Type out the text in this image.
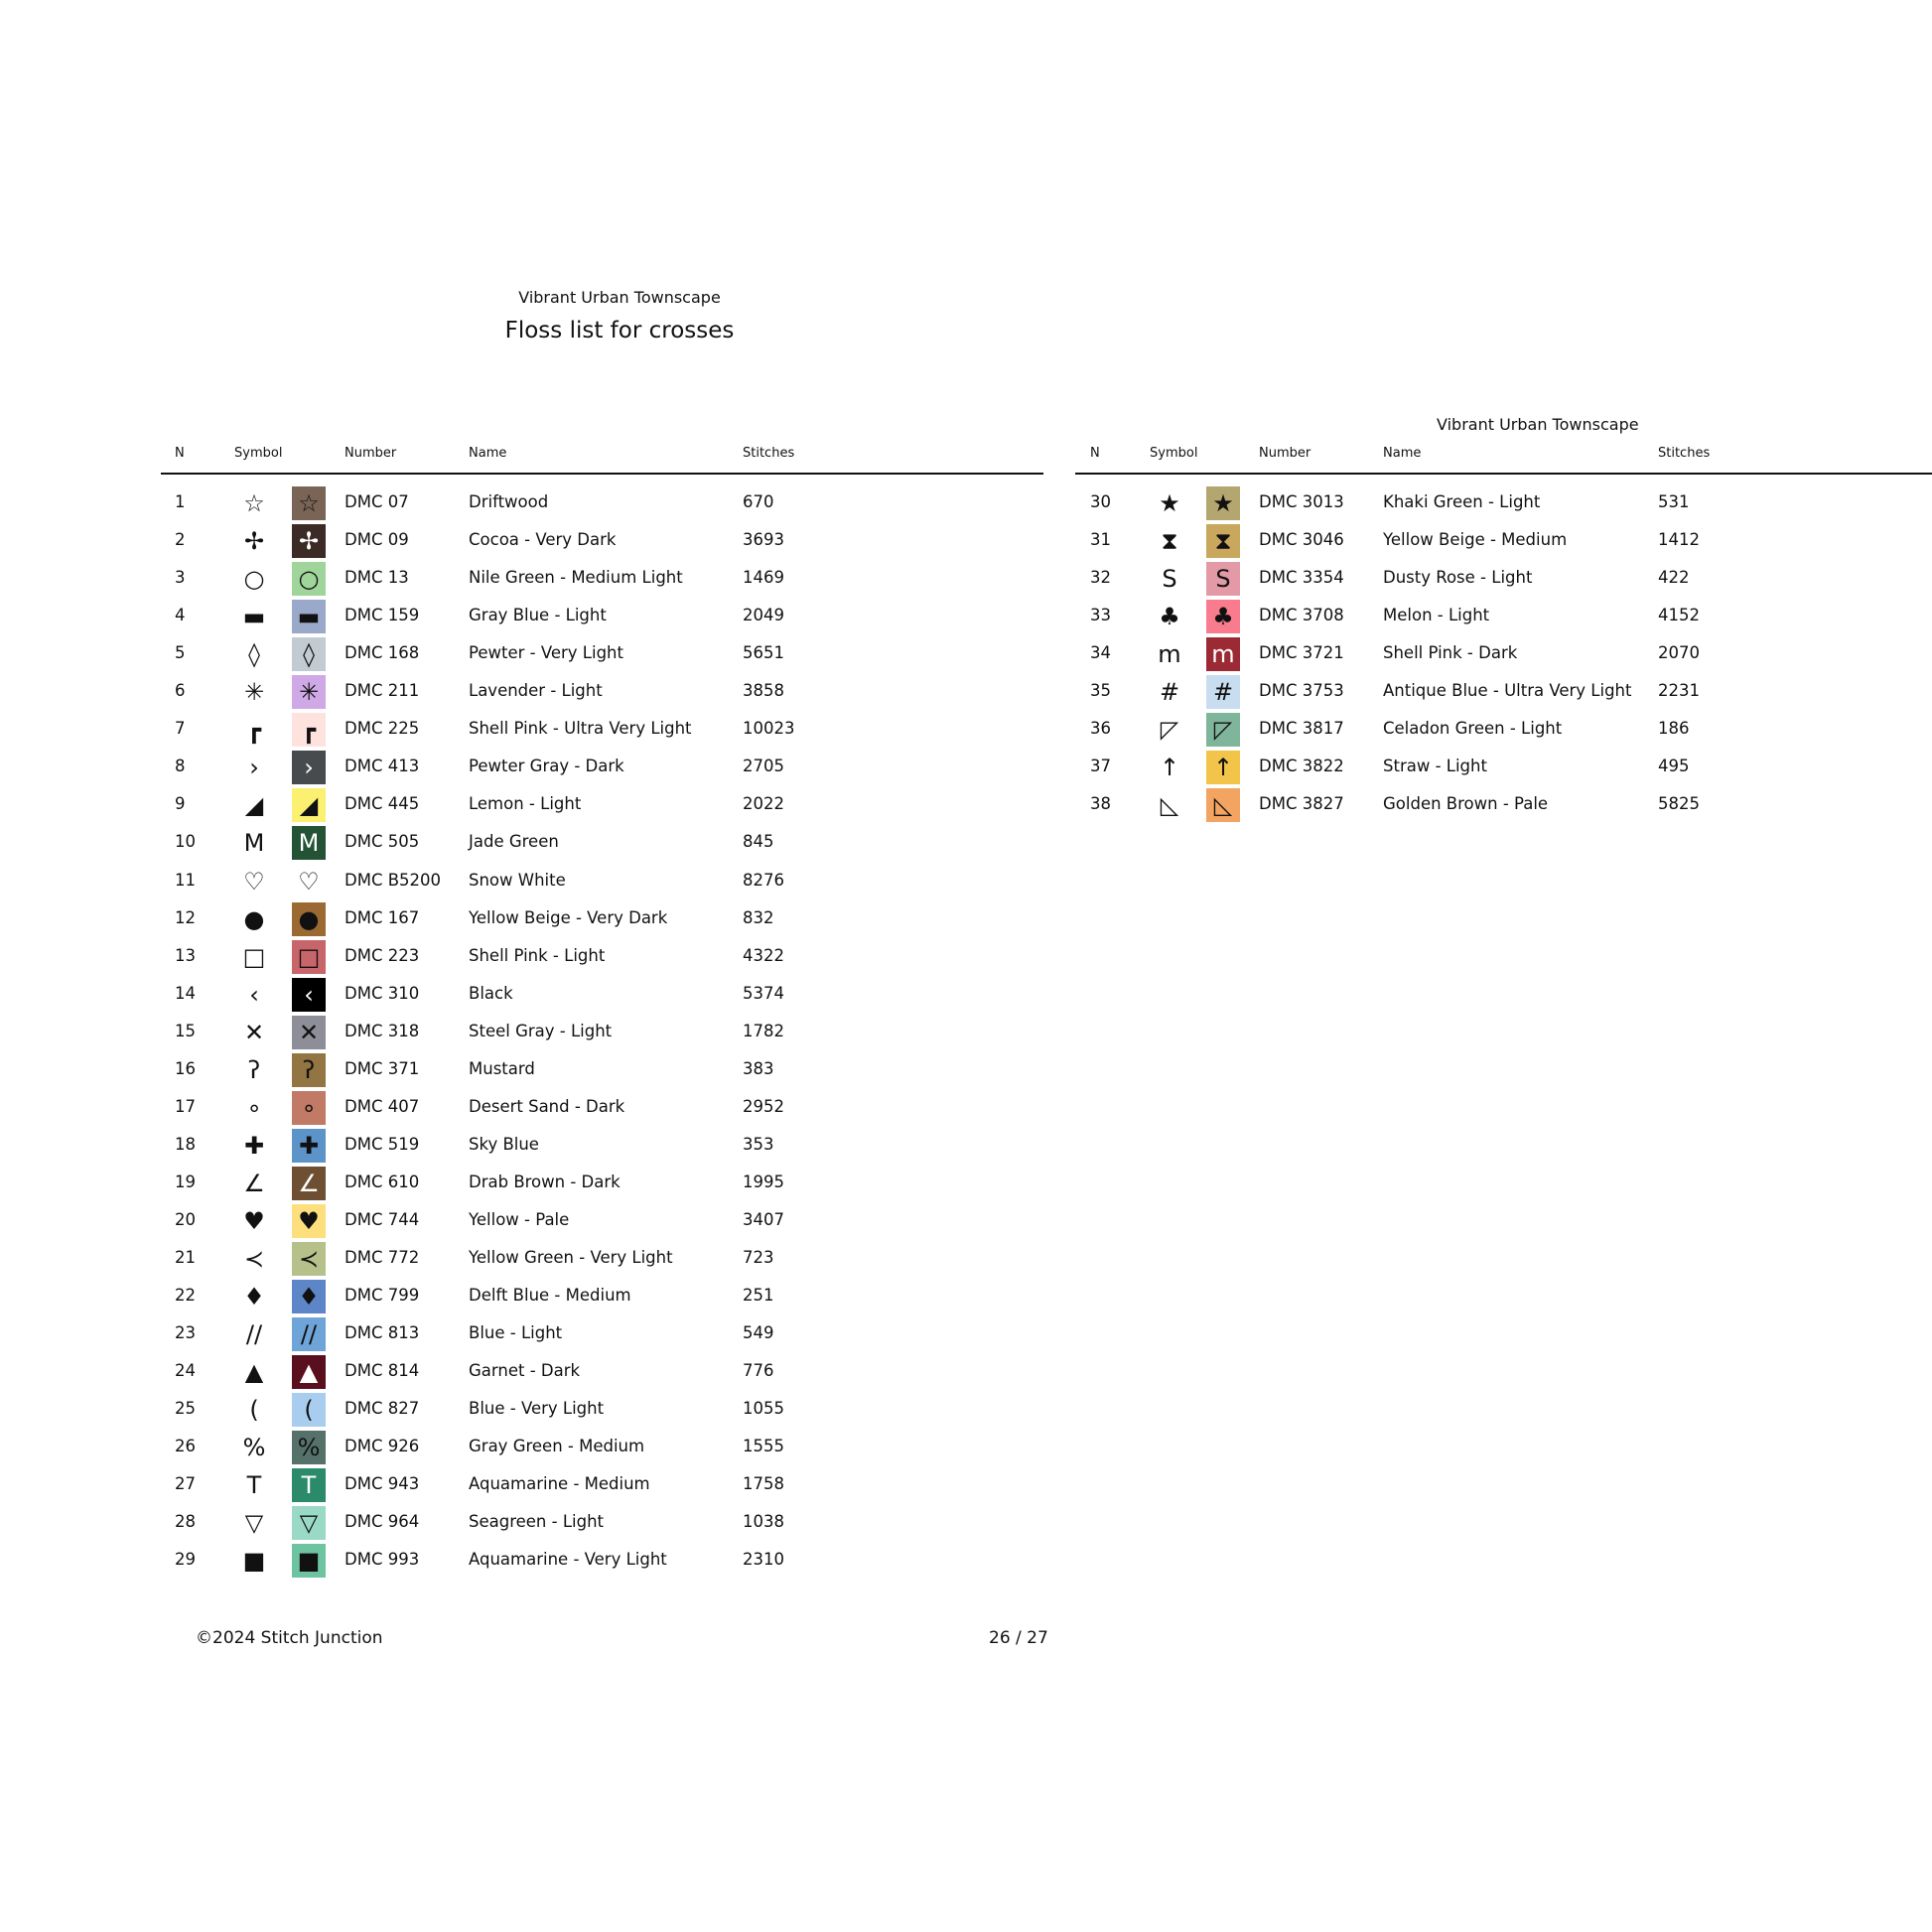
Vibrant Urban Townscape
Floss list for crosses
Vibrant Urban Townscape
N	Symbol	Number	Name	Stitches
1 ☆ ☆	DMC 07	Driftwood	670
2 ✢ ✢	DMC 09	Cocoa - Very Dark	3693
3 ○ ○	DMC 13	Nile Green - Medium Light	1469
4 ▬ ▬	DMC 159	Gray Blue - Light	2049
5	◊	◊	DMC 168	Pewter - Very Light	5651
6 ✳ ✳	DMC 211	Lavender - Light	3858
7	┏	┏	DMC 225	Shell Pink - Ultra Very Light	10023
8	›	›	DMC 413	Pewter Gray - Dark	2705
9	◢	◢	DMC 445	Lemon - Light	2022
10 M M	DMC 505	Jade Green	845
11 ♡ ♡	DMC B5200 Snow White	8276
12 ● ●	DMC 167	Yellow Beige - Very Dark	832
13 □ □	DMC 223	Shell Pink - Light	4322
14	‹	‹	DMC 310	Black	5374
15 ✕ ✕	DMC 318	Steel Gray - Light	1782
16	ʔ	ʔ	DMC 371	Mustard	383
17	∘	∘	DMC 407	Desert Sand - Dark	2952
18 ✚ ✚	DMC 519	Sky Blue	353
19 ∠ ∠	DMC 610	Drab Brown - Dark	1995
20 ♥ ♥	DMC 744	Yellow - Pale	3407
21 ≺ ≺	DMC 772	Yellow Green - Very Light	723
22 ♦ ♦	DMC 799	Delft Blue - Medium	251
23 //	//	DMC 813	Blue - Light	549
24 ▲	▲	DMC 814	Garnet - Dark	776
25	(	(	DMC 827	Blue - Very Light	1055
26 % %	DMC 926	Gray Green - Medium	1555
27	T	T	DMC 943	Aquamarine - Medium	1758
28 ▽	▽	DMC 964	Seagreen - Light	1038
29 ■ ■	DMC 993	Aquamarine - Very Light	2310
N	Symbol	Number	Name	Stitches
30 ★ ★	DMC 3013 Khaki Green - Light	531
31 ⧗	⧗	DMC 3046 Yellow Beige - Medium	1412
32	S	S	DMC 3354 Dusty Rose - Light	422
33 ♣ ♣	DMC 3708 Melon - Light	4152
34 m m	DMC 3721 Shell Pink - Dark	2070
35 # #	DMC 3753 Antique Blue - Ultra Very Light 2231
36 ◸	◸	DMC 3817 Celadon Green - Light	186
37 ↑ ↑	DMC 3822 Straw - Light	495
38 ◺	◺	DMC 3827 Golden Brown - Pale	5825
©2024 Stitch Junction	26 / 27
